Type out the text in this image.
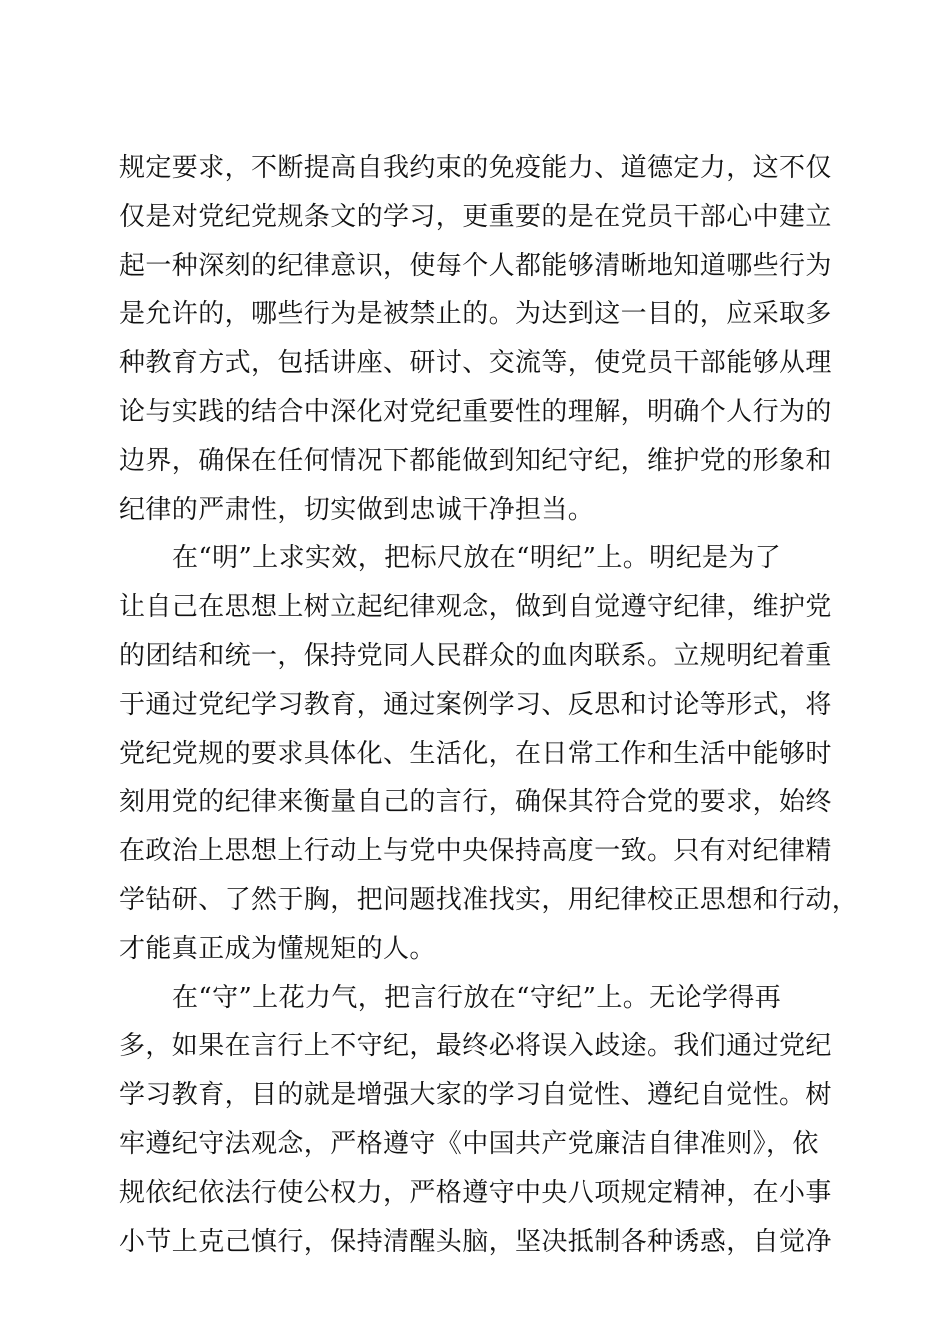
规定要求，不断提高自我约束的免疫能力、道德定力，这不仅
仅是对党纪党规条文的学习，更重要的是在党员干部心中建立
起一种深刻的纪律意识，使每个人都能够清晰地知道哪些行为
是允许的，哪些行为是被禁止的。为达到这一目的，应采取多
种教育方式，包括讲座、研讨、交流等，使党员干部能够从理
论与实践的结合中深化对党纪重要性的理解，明确个人行为的
边界，确保在任何情况下都能做到知纪守纪，维护党的形象和
纪律的严肃性，切实做到忠诚干净担当。
在“明”上求实效，把标尺放在“明纪”上。明纪是为了
让自己在思想上树立起纪律观念，做到自觉遵守纪律，维护党
的团结和统一，保持党同人民群众的血肉联系。立规明纪着重
于通过党纪学习教育，通过案例学习、反思和讨论等形式，将
党纪党规的要求具体化、生活化，在日常工作和生活中能够时
刻用党的纪律来衡量自己的言行，确保其符合党的要求，始终
在政治上思想上行动上与党中央保持高度一致。只有对纪律精
学钻研、了然于胸，把问题找准找实，用纪律校正思想和行动，
才能真正成为懂规矩的人。
在“守”上花力气，把言行放在“守纪”上。无论学得再
多，如果在言行上不守纪，最终必将误入歧途。我们通过党纪
学习教育，目的就是增强大家的学习自觉性、遵纪自觉性。树
牢遵纪守法观念，严格遵守《中国共产党廉洁自律准则》，依
规依纪依法行使公权力，严格遵守中央八项规定精神，在小事
小节上克己慎行，保持清醒头脑，坚决抵制各种诱惑，自觉净
